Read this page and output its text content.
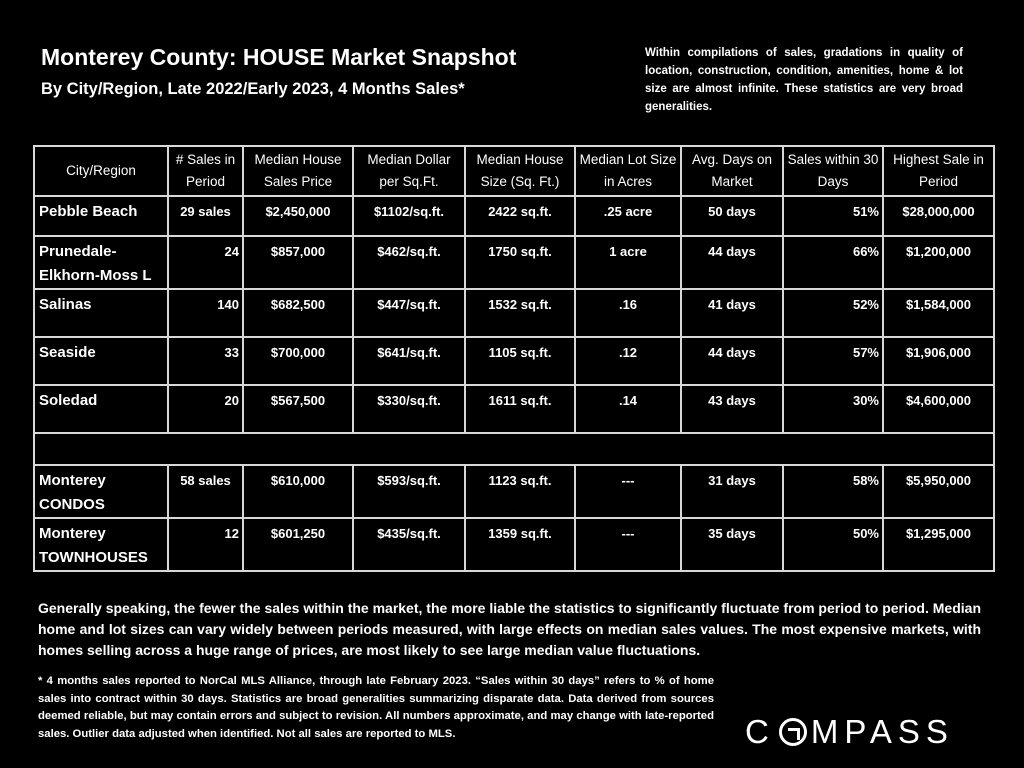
Monterey County: HOUSE Market Snapshot
By City/Region, Late 2022/Early 2023, 4 Months Sales*
Within compilations of sales, gradations in quality of location, construction, condition, amenities, home & lot size are almost infinite. These statistics are very broad generalities.
City/Region	# Sales in Period	Median House Sales Price	Median Dollar per Sq.Ft.	Median House Size (Sq. Ft.)	Median Lot Size in Acres	Avg. Days on Market	Sales within 30 Days	Highest Sale in Period
Pebble Beach	29 sales	$2,450,000	$1102/sq.ft.	2422 sq.ft.	.25 acre	50 days	51%	$28,000,000
Prunedale- Elkhorn-Moss L	24	$857,000	$462/sq.ft.	1750 sq.ft.	1 acre	44 days	66%	$1,200,000
Salinas	140	$682,500	$447/sq.ft.	1532 sq.ft.	.16	41 days	52%	$1,584,000
Seaside	33	$700,000	$641/sq.ft.	1105 sq.ft.	.12	44 days	57%	$1,906,000
Soledad	20	$567,500	$330/sq.ft.	1611 sq.ft.	.14	43 days	30%	$4,600,000

Monterey CONDOS	58 sales	$610,000	$593/sq.ft.	1123 sq.ft.	---	31 days	58%	$5,950,000
Monterey TOWNHOUSES	12	$601,250	$435/sq.ft.	1359 sq.ft.	---	35 days	50%	$1,295,000
Generally speaking, the fewer the sales within the market, the more liable the statistics to significantly fluctuate from period to period. Median home and lot sizes can vary widely between periods measured, with large effects on median sales values. The most expensive markets, with homes selling across a huge range of prices, are most likely to see large median value fluctuations.
* 4 months sales reported to NorCal MLS Alliance, through late February 2023. “Sales within 30 days” refers to % of home sales into contract within 30 days. Statistics are broad generalities summarizing disparate data. Data derived from sources deemed reliable, but may contain errors and subject to revision. All numbers approximate, and may change with late-reported sales. Outlier data adjusted when identified. Not all sales are reported to MLS.	C MPASS
